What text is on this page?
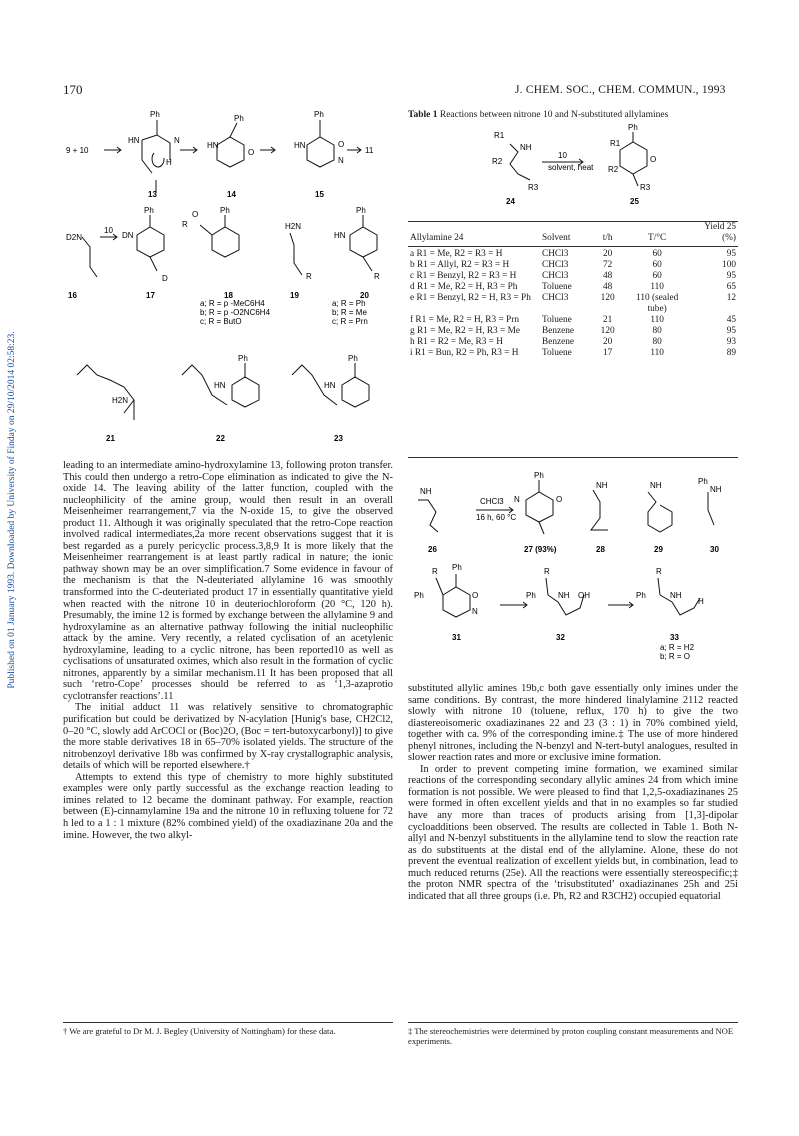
Published on 01 January 1993. Downloaded by University of Finday on 29/10/2014 02:58:23.
170	J. CHEM. SOC., CHEM. COMMUN., 1993
9 + 10	11
Ph
HN	N
H
Ph
HN
O
Ph
HN	O
N
13	14	15
D2N
10
DN
Ph
D
R
O	Ph
H2N
R
HN
Ph
R
16	17	18	19	20
a; R = p -MeC6H4
b; R = p -O2NC6H4
c; R = ButO
a; R = Ph
b; R = Me
c; R = Prn
H2N
HN
Ph
HN
Ph
21	22	23
Table 1 Reactions between nitrone 10 and N-substituted allylamines
R1
NH
R2
R3
10
solvent, heat
R1
Ph
O
R2
R3
24	25
Allylamine 24	Solvent	t/h	T/°C	Yield 25 (%)

a R1 = Me, R2 = R3 = H	CHCl3	20	60	95
b R1 = Allyl, R2 = R3 = H	CHCl3	72	60	100
c R1 = Benzyl, R2 = R3 = H	CHCl3	48	60	95
d R1 = Me, R2 = H, R3 = Ph	Toluene	48	110	65
e R1 = Benzyl, R2 = H, R3 = Ph	CHCl3	120	110 (sealed tube)	12
f R1 = Me, R2 = H, R3 = Prn	Toluene	21	110	45
g R1 = Me, R2 = H, R3 = Me	Benzene	120	80	95
h R1 = R2 = Me, R3 = H	Benzene	20	80	93
i R1 = Bun, R2 = Ph, R3 = H	Toluene	17	110	89
NH
CHCl3
16 h, 60 °C
Ph
N	O
NH	NH	Ph
NH
26	27 (93%)	28	29	30
R Ph
Ph	O
N
R
Ph	NH OH
R
Ph	NH
H
31	32	33
a; R = H2
b; R = O

leading to an intermediate amino-hydroxylamine 13, following proton transfer. This could then undergo a retro-Cope elimination as indicated to give the N-oxide 14. The leaving ability of the latter function, coupled with the nucleophilicity of the amine group, would then result in an overall Meisenheimer rearrangement,7 via the N-oxide 15, to give the observed product 11. Although it was originally speculated that the retro-Cope reaction involved radical intermediates,2a more recent observations suggest that it is best regarded as a purely pericyclic process.3,8,9 It is more likely that the Meisenheimer rearrangement is at least partly radical in nature; the ionic pathway shown may be an over simplification.7 Some evidence in favour of the mechanism is that the N-deuteriated allylamine 16 was smoothly transformed into the C-deuteriated product 17 in essentially quantitative yield when reacted with the nitrone 10 in deuteriochloroform (20 °C, 120 h). Presumably, the imine 12 is formed by exchange between the allylamine 9 and hydroxylamine as an alternative pathway following the initial nucleophilic attack by the amine. Very recently, a related cyclisation of an acetylenic hydroxylamine, leading to a cyclic nitrone, has been reported10 as well as cyclisations of unsaturated oximes, which also result in the formation of cyclic nitrones, apparently by a similar mechanism.11 It has been proposed that all such ‘retro-Cope’ processes should be referred to as ‘1,3-azaprotio cyclotransfer reactions’.11

The initial adduct 11 was relatively sensitive to chromatographic purification but could be derivatized by N-acylation [Hunig's base, CH2Cl2, 0–20 °C, slowly add ArCOCl or (Boc)2O, (Boc = tert-butoxycarbonyl)] to give the more stable derivatives 18 in 65–70% isolated yields. The structure of the nitrobenzoyl derivative 18b was confirmed by X-ray crystallographic analysis, details of which will be reported elsewhere.†

Attempts to extend this type of chemistry to more highly substituted examples were only partly successful as the exchange reaction leading to imines related to 12 became the dominant pathway. For example, reaction between (E)-cinnamylamine 19a and the nitrone 10 in refluxing toluene for 72 h led to a 1 : 1 mixture (82% combined yield) of the oxadiazinane 20a and the imine. However, the two alkyl-

substituted allylic amines 19b,c both gave essentially only imines under the same conditions. By contrast, the more hindered linalylamine 2112 reacted slowly with nitrone 10 (toluene, reflux, 170 h) to give the two diastereoisomeric oxadiazinanes 22 and 23 (3 : 1) in 70% combined yield, together with ca. 9% of the corresponding imine.‡ The use of more hindered phenyl nitrones, including the N-benzyl and N-tert-butyl analogues, resulted in slower reaction rates and more or exclusive imine formation.

In order to prevent competing imine formation, we examined similar reactions of the corresponding secondary allylic amines 24 from which imine formation is not possible. We were pleased to find that 1,2,5-oxadiazinanes 25 were formed in often excellent yields and that in no examples so far studied have any more than traces of products arising from [1,3]-dipolar cycloadditions been observed. The results are collected in Table 1. Both N-allyl and N-benzyl substituents in the allylamine tend to slow the reaction rate as do substituents at the distal end of the allylamine. Alone, these do not prevent the eventual realization of excellent yields but, in combination, lead to much reduced returns (25e). All the reactions were essentially stereospecific;‡ the proton NMR spectra of the ‘trisubstituted’ oxadiazinanes 25h and 25i indicated that all three groups (i.e. Ph, R2 and R3CH2) occupied equatorial

† We are grateful to Dr M. J. Begley (University of Nottingham) for these data.	‡ The stereochemistries were determined by proton coupling constant measurements and NOE experiments.
